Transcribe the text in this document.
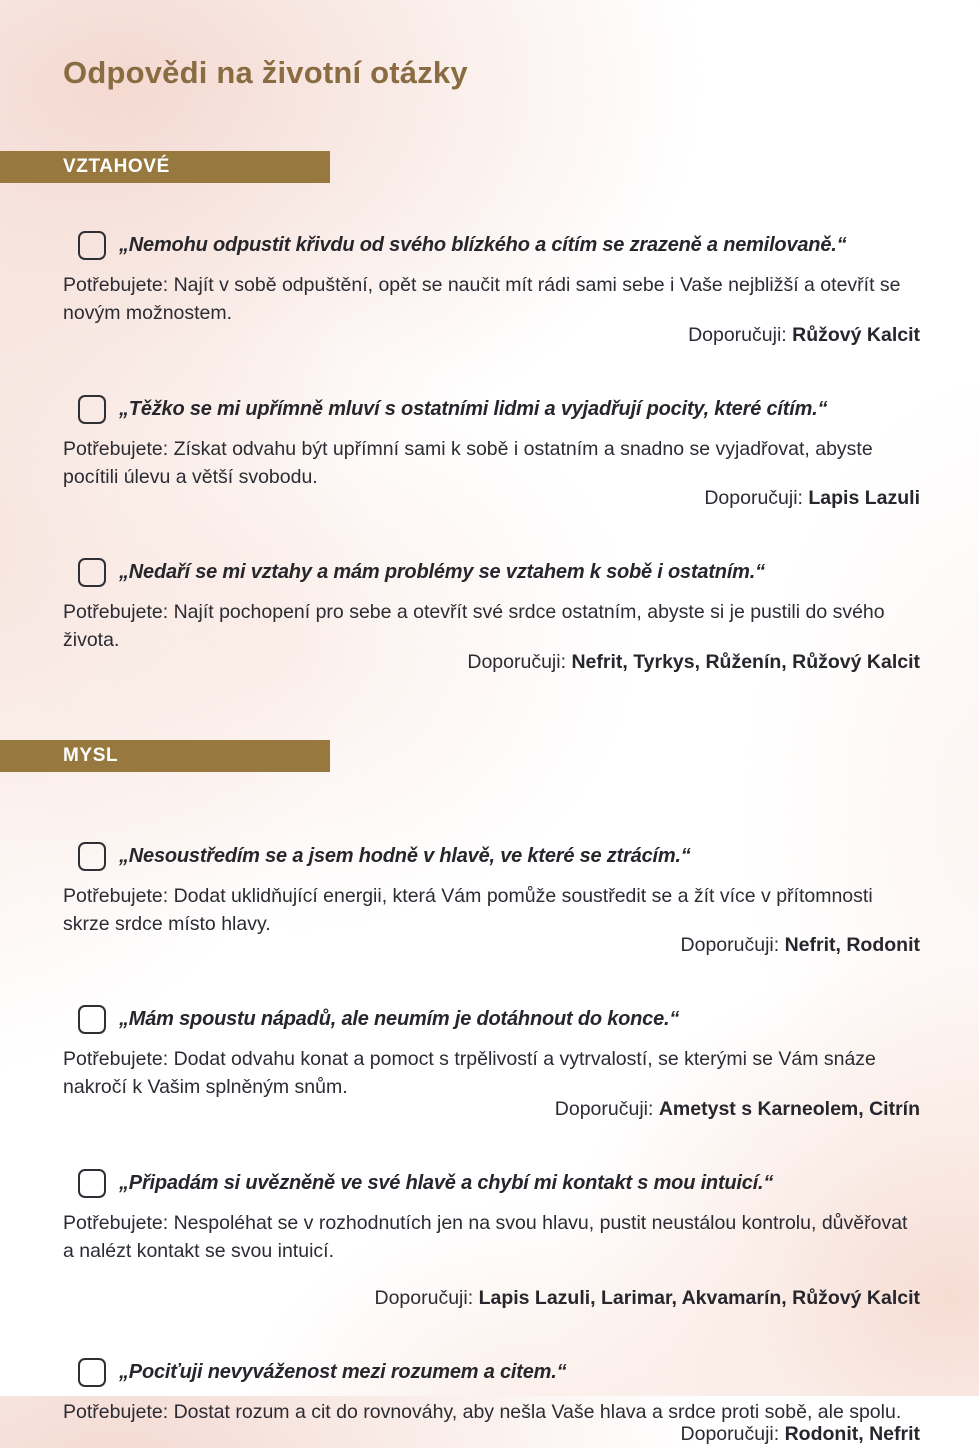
Odpovědi na životní otázky
VZTAHOVÉ
„Nemohu odpustit křivdu od svého blízkého a cítím se zrazeně a nemilovaně.“

Potřebujete: Najít v sobě odpuštění, opět se naučit mít rádi sami sebe i Vaše nejbližší a otevřít se novým možnostem.

Doporučuji: Růžový Kalcit
„Těžko se mi upřímně mluví s ostatními lidmi a vyjadřují pocity, které cítím.“

Potřebujete: Získat odvahu být upřímní sami k sobě i ostatním a snadno se vyjadřovat, abyste pocítili úlevu a větší svobodu.

Doporučuji: Lapis Lazuli
„Nedaří se mi vztahy a mám problémy se vztahem k sobě i ostatním.“

Potřebujete: Najít pochopení pro sebe a otevřít své srdce ostatním, abyste si je pustili do svého života.

Doporučuji: Nefrit, Tyrkys, Růženín, Růžový Kalcit
MYSL
„Nesoustředím se a jsem hodně v hlavě, ve které se ztrácím.“

Potřebujete: Dodat uklidňující energii, která Vám pomůže soustředit se a žít více v přítomnosti skrze srdce místo hlavy.

Doporučuji: Nefrit, Rodonit
„Mám spoustu nápadů, ale neumím je dotáhnout do konce.“

Potřebujete: Dodat odvahu konat a pomoct s trpělivostí a vytrvalostí, se kterými se Vám snáze nakročí k Vašim splněným snům.

Doporučuji: Ametyst s Karneolem, Citrín
„Připadám si uvězněně ve své hlavě a chybí mi kontakt s mou intuicí.“

Potřebujete: Nespoléhat se v rozhodnutích jen na svou hlavu, pustit neustálou kontrolu, důvěřovat a nalézt kontakt se svou intuicí.

Doporučuji: Lapis Lazuli, Larimar, Akvamarín, Růžový Kalcit
„Pociťuji nevyváženost mezi rozumem a citem.“

Potřebujete: Dostat rozum a cit do rovnováhy, aby nešla Vaše hlava a srdce proti sobě, ale spolu.

Doporučuji: Rodonit, Nefrit
